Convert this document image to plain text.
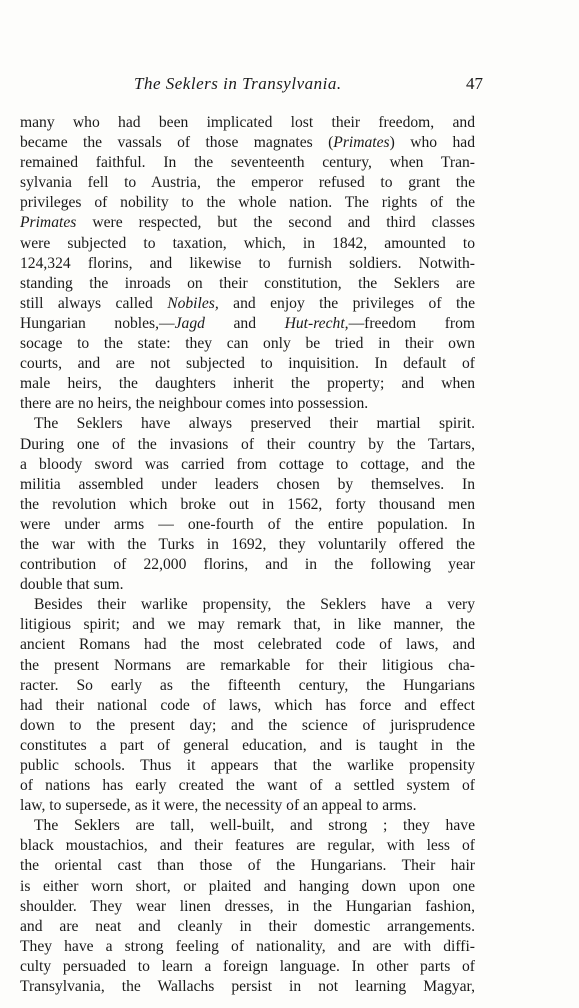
The Seklers in Transylvania.	47
many who had been implicated lost their freedom, and
became the vassals of those magnates (Primates) who had
remained faithful. In the seventeenth century, when Tran-
sylvania fell to Austria, the emperor refused to grant the
privileges of nobility to the whole nation. The rights of the
Primates were respected, but the second and third classes
were subjected to taxation, which, in 1842, amounted to
124,324 florins, and likewise to furnish soldiers. Notwith-
standing the inroads on their constitution, the Seklers are
still always called Nobiles, and enjoy the privileges of the
Hungarian nobles,—Jagd and Hut-recht,—freedom from
socage to the state: they can only be tried in their own
courts, and are not subjected to inquisition. In default of
male heirs, the daughters inherit the property; and when
there are no heirs, the neighbour comes into possession.
The Seklers have always preserved their martial spirit.
During one of the invasions of their country by the Tartars,
a bloody sword was carried from cottage to cottage, and the
militia assembled under leaders chosen by themselves. In
the revolution which broke out in 1562, forty thousand men
were under arms — one-fourth of the entire population. In
the war with the Turks in 1692, they voluntarily offered the
contribution of 22,000 florins, and in the following year
double that sum.
Besides their warlike propensity, the Seklers have a very
litigious spirit; and we may remark that, in like manner, the
ancient Romans had the most celebrated code of laws, and
the present Normans are remarkable for their litigious cha-
racter. So early as the fifteenth century, the Hungarians
had their national code of laws, which has force and effect
down to the present day; and the science of jurisprudence
constitutes a part of general education, and is taught in the
public schools. Thus it appears that the warlike propensity
of nations has early created the want of a settled system of
law, to supersede, as it were, the necessity of an appeal to arms.
The Seklers are tall, well-built, and strong ; they have
black moustachios, and their features are regular, with less of
the oriental cast than those of the Hungarians. Their hair
is either worn short, or plaited and hanging down upon one
shoulder. They wear linen dresses, in the Hungarian fashion,
and are neat and cleanly in their domestic arrangements.
They have a strong feeling of nationality, and are with diffi-
culty persuaded to learn a foreign language. In other parts of
Transylvania, the Wallachs persist in not learning Magyar,
